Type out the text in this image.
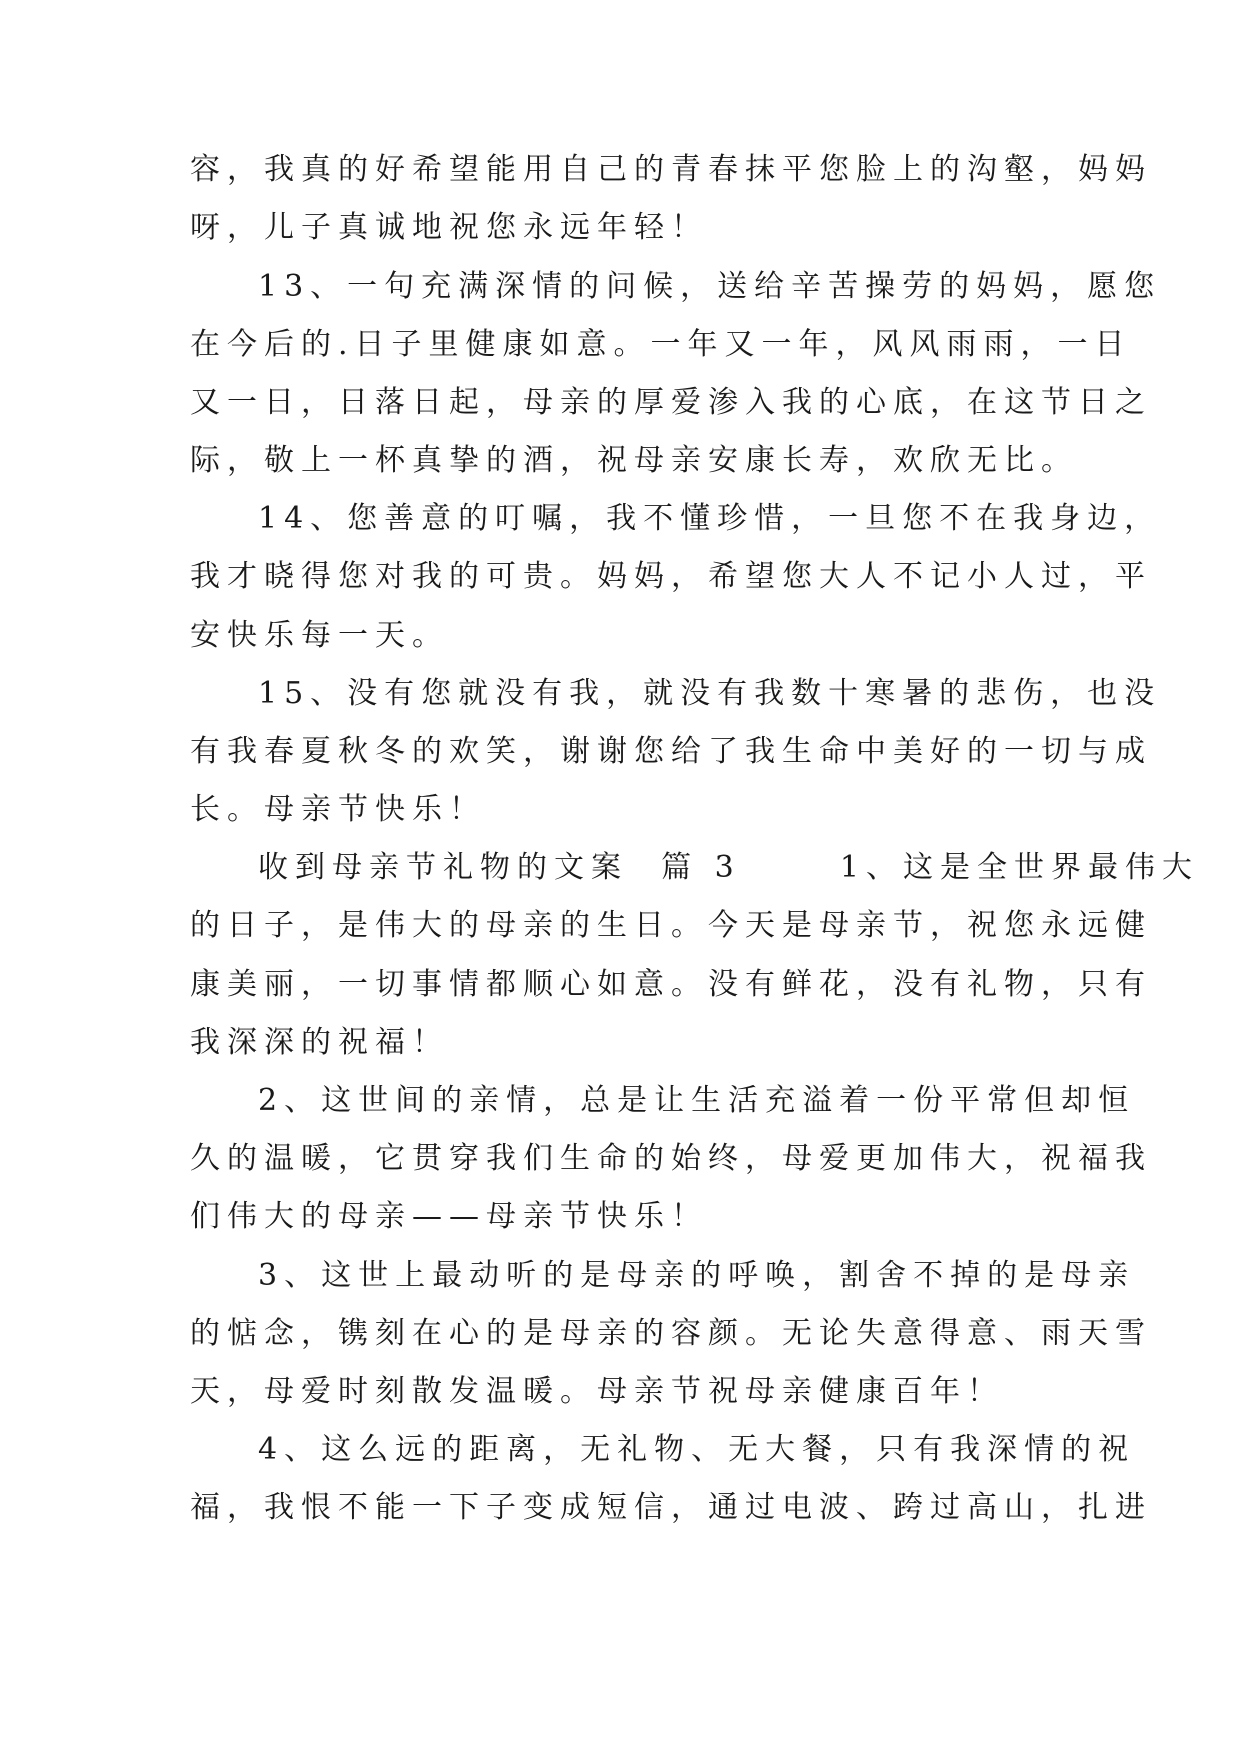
容，我真的好希望能用自己的青春抹平您脸上的沟壑，妈妈
呀，儿子真诚地祝您永远年轻！
13、一句充满深情的问候，送给辛苦操劳的妈妈，愿您
在今后的.日子里健康如意。一年又一年，风风雨雨，一日
又一日，日落日起，母亲的厚爱渗入我的心底，在这节日之
际，敬上一杯真挚的酒，祝母亲安康长寿，欢欣无比。
14、您善意的叮嘱，我不懂珍惜，一旦您不在我身边，
我才晓得您对我的可贵。妈妈，希望您大人不记小人过，平
安快乐每一天。
15、没有您就没有我，就没有我数十寒暑的悲伤，也没
有我春夏秋冬的欢笑，谢谢您给了我生命中美好的一切与成
长。母亲节快乐！
收到母亲节礼物的文案  篇 3      1、这是全世界最伟大
的日子，是伟大的母亲的生日。今天是母亲节，祝您永远健
康美丽，一切事情都顺心如意。没有鲜花，没有礼物，只有
我深深的祝福！
2、这世间的亲情，总是让生活充溢着一份平常但却恒
久的温暖，它贯穿我们生命的始终，母爱更加伟大，祝福我
们伟大的母亲——母亲节快乐！
3、这世上最动听的是母亲的呼唤，割舍不掉的是母亲
的惦念，镌刻在心的是母亲的容颜。无论失意得意、雨天雪
天，母爱时刻散发温暖。母亲节祝母亲健康百年！
4、这么远的距离，无礼物、无大餐，只有我深情的祝
福，我恨不能一下子变成短信，通过电波、跨过高山，扎进
